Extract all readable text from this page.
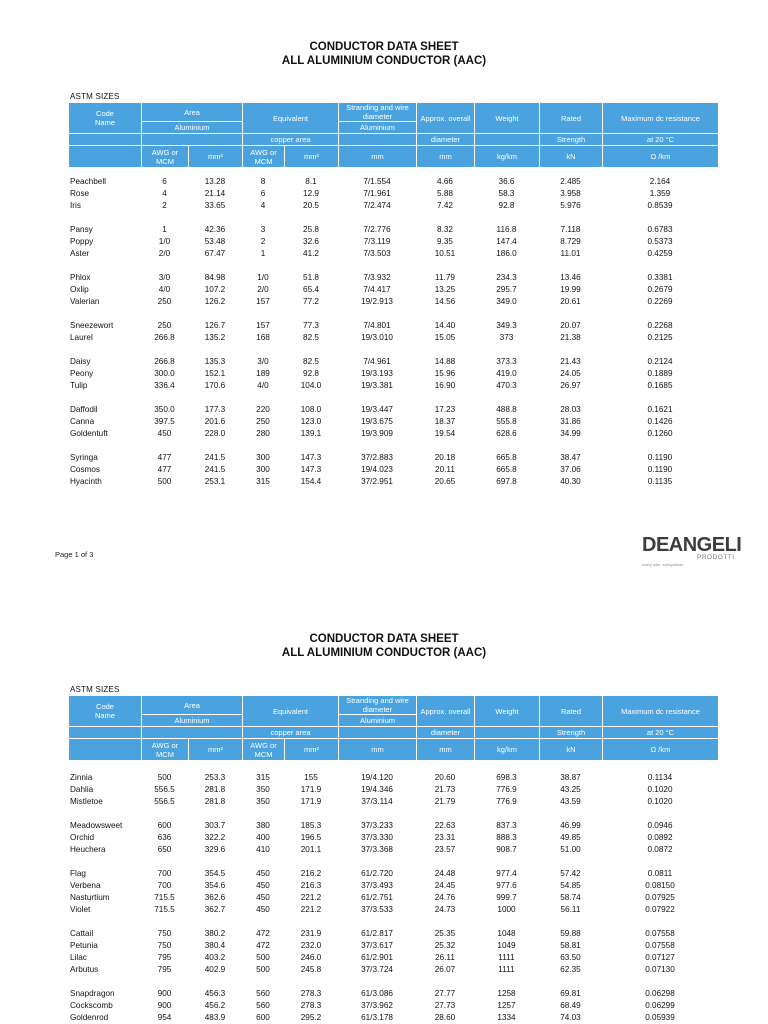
CONDUCTOR DATA SHEET
ALL ALUMINIUM CONDUCTOR (AAC)
ASTM SIZES
Code
Name	Area		Equivalent		Stranding and wire diameter	Approx. overall	Weight	Rated	Maximum dc resistance
	Aluminium				Aluminium				
			copper area			diameter		Strength	at 20 °C
	AWG or MCM	mm²	AWG or MCM	mm²	mm	mm	kg/km	kN	Ω /km
Peachbell	6	13.28	8	8.1	7/1.554	4.66	36.6	2.485	2.164
Rose	4	21.14	6	12.9	7/1.961	5.88	58.3	3.958	1.359
Iris	2	33.65	4	20.5	7/2.474	7.42	92.8	5.976	0.8539

Pansy	1	42.36	3	25.8	7/2.776	8.32	116.8	7.118	0.6783
Poppy	1/0	53.48	2	32.6	7/3.119	9.35	147.4	8.729	0.5373
Aster	2/0	67.47	1	41.2	7/3.503	10.51	186.0	11.01	0.4259

Phlox	3/0	84.98	1/0	51.8	7/3.932	11.79	234.3	13.46	0.3381
Oxlip	4/0	107.2	2/0	65.4	7/4.417	13.25	295.7	19.99	0.2679
Valerian	250	126.2	157	77.2	19/2.913	14.56	349.0	20.61	0.2269

Sneezewort	250	126.7	157	77.3	7/4.801	14.40	349.3	20.07	0.2268
Laurel	266.8	135.2	168	82.5	19/3.010	15.05	373	21.38	0.2125

Daisy	266.8	135.3	3/0	82.5	7/4.961	14.88	373.3	21.43	0.2124
Peony	300.0	152.1	189	92.8	19/3.193	15.96	419.0	24.05	0.1889
Tulip	336.4	170.6	4/0	104.0	19/3.381	16.90	470.3	26.97	0.1685

Daffodil	350.0	177.3	220	108.0	19/3.447	17.23	488.8	28.03	0.1621
Canna	397.5	201.6	250	123.0	19/3.675	18.37	555.8	31.86	0.1426
Goldentuft	450	228.0	280	139.1	19/3.909	19.54	628.6	34.99	0.1260

Syringa	477	241.5	300	147.3	37/2.883	20.18	665.8	38.47	0.1190
Cosmos	477	241.5	300	147.3	19/4.023	20.11	665.8	37.06	0.1190
Hyacinth	500	253.1	315	154.4	37/2.951	20.65	697.8	40.30	0.1135
Page 1 of 3	DEANGELI
PRODOTTI
every wire, everywhere
CONDUCTOR DATA SHEET
ALL ALUMINIUM CONDUCTOR (AAC)
ASTM SIZES
Code
Name	Area		Equivalent		Stranding and wire diameter	Approx. overall	Weight	Rated	Maximum dc resistance
	Aluminium				Aluminium				
			copper area			diameter		Strength	at 20 °C
	AWG or MCM	mm²	AWG or MCM	mm²	mm	mm	kg/km	kN	Ω /km
Zinnia	500	253.3	315	155	19/4.120	20.60	698.3	38.87	0.1134
Dahlia	556.5	281.8	350	171.9	19/4.346	21.73	776.9	43.25	0.1020
Mistletoe	556.5	281.8	350	171.9	37/3.114	21.79	776.9	43.59	0.1020

Meadowsweet	600	303.7	380	185.3	37/3.233	22.63	837.3	46.99	0.0946
Orchid	636	322.2	400	196.5	37/3.330	23.31	888.3	49.85	0.0892
Heuchera	650	329.6	410	201.1	37/3.368	23.57	908.7	51.00	0.0872

Flag	700	354.5	450	216.2	61/2.720	24.48	977.4	57.42	0.0811
Verbena	700	354.6	450	216.3	37/3.493	24.45	977.6	54.85	0.08150
Nasturtium	715.5	362.6	450	221.2	61/2.751	24.76	999.7	58.74	0.07925
Violet	715.5	362.7	450	221.2	37/3.533	24.73	1000	56.11	0.07922

Cattail	750	380.2	472	231.9	61/2.817	25.35	1048	59.88	0.07558
Petunia	750	380.4	472	232.0	37/3.617	25.32	1049	58.81	0.07558
Lilac	795	403.2	500	246.0	61/2.901	26.11	1111	63.50	0.07127
Arbutus	795	402.9	500	245.8	37/3.724	26.07	1111	62.35	0.07130

Snapdragon	900	456.3	560	278.3	61/3.086	27.77	1258	69.81	0.06298
Cockscomb	900	456.2	560	278.3	37/3.962	27.73	1257	68.49	0.06299
Goldenrod	954	483.9	600	295.2	61/3.178	28.60	1334	74.03	0.05939
